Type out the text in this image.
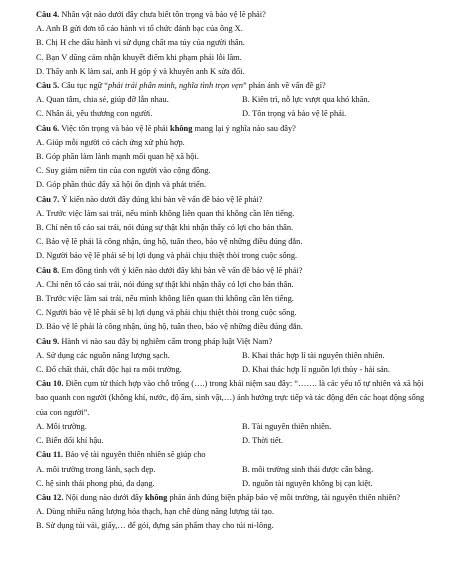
Câu 4. Nhân vật nào dưới đây chưa biết tôn trọng và bảo vệ lẽ phải?
A. Anh B gửi đơn tố cáo hành vi tổ chức đánh bạc của ông X.
B. Chị H che dấu hành vi sử dụng chất ma túy của người thân.
C. Bạn V dũng cảm nhận khuyết điểm khi phạm phải lỗi lầm.
D. Thấy anh K làm sai, anh H góp ý và khuyên anh K sửa đổi.
Câu 5. Câu tục ngữ “phải trái phân minh, nghĩa tình trọn vẹn” phản ánh về vấn đề gì?
A. Quan tâm, chia sẻ, giúp đỡ lẫn nhau.	B. Kiên trì, nỗ lực vượt qua khó khăn.
C. Nhân ái, yêu thương con người.	D. Tôn trọng và bảo vệ lẽ phải.
Câu 6. Việc tôn trọng và bảo vệ lẽ phải không mang lại ý nghĩa nào sau đây?
A. Giúp mỗi người có cách ứng xử phù hợp.
B. Góp phần làm lành mạnh mối quan hệ xã hội.
C. Suy giảm niềm tin của con người vào cộng đồng.
D. Góp phần thúc đẩy xã hội ổn định và phát triển.
Câu 7. Ý kiến nào dưới đây đúng khi bàn về vấn đề bảo vệ lẽ phải?
A. Trước việc làm sai trái, nếu mình không liên quan thì không cần lên tiếng.
B. Chỉ nên tố cáo sai trái, nói đúng sự thật khi nhận thấy có lợi cho bản thân.
C. Bảo vệ lẽ phải là công nhận, ủng hộ, tuân theo, bảo vệ những điều đúng đắn.
D. Người bảo vệ lẽ phải sẽ bị lợi dụng và phải chịu thiệt thòi trong cuộc sống.
Câu 8. Em đồng tình với ý kiến nào dưới đây khi bàn về vấn đề bảo vệ lẽ phải?
A. Chỉ nên tố cáo sai trái, nói đúng sự thật khi nhận thấy có lợi cho bản thân.
B. Trước việc làm sai trái, nếu mình không liên quan thì không cần lên tiếng.
C. Người bảo vệ lẽ phải sẽ bị lợi dụng và phải chịu thiệt thòi trong cuộc sống.
D. Bảo vệ lẽ phải là công nhận, ủng hộ, tuân theo, bảo vệ những điều đúng đắn.
Câu 9. Hành vi nào sau đây bị nghiêm cấm trong pháp luật Việt Nam?
A. Sử dụng các nguồn năng lượng sạch.	B. Khai thác hợp lí tài nguyên thiên nhiên.
C. Đổ chất thải, chất độc hại ra môi trường.	D. Khai thác hợp lí nguồn lợi thủy - hải sản.
Câu 10. Điền cụm từ thích hợp vào chỗ trống (….) trong khái niệm sau đây: “……. là các yếu tố tự nhiên và xã hội bao quanh con người (không khí, nước, độ ẩm, sinh vật,…) ảnh hưởng trực tiếp và tác động đến các hoạt động sống của con người”.
A. Môi trường.	B. Tài nguyên thiên nhiên.
C. Biến đổi khí hậu.	D. Thời tiết.
Câu 11. Bảo vệ tài nguyên thiên nhiên sẽ giúp cho
A. môi trường trong lành, sạch đẹp.	B. môi trường sinh thái được cân bằng.
C. hệ sinh thái phong phú, đa dạng.	D. nguồn tài nguyên không bị cạn kiệt.
Câu 12. Nội dung nào dưới đây không phản ánh đúng biện pháp bảo vệ môi trường, tài nguyên thiên nhiên?
A. Dùng nhiều năng lượng hóa thạch, hạn chế dùng năng lượng tái tạo.
B. Sử dụng túi vải, giấy,… để gói, đựng sản phẩm thay cho túi ni-lông.
